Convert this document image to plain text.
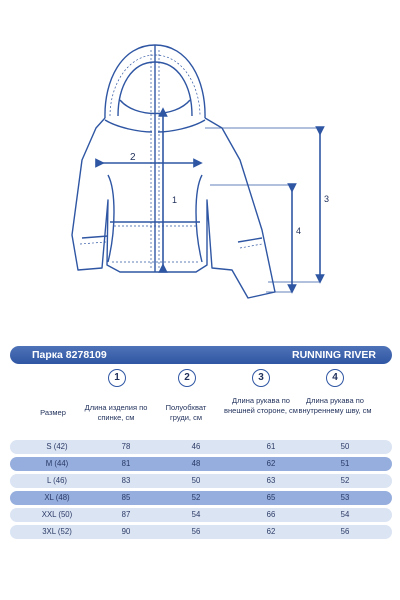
1
2
3
4
Парка 8278109	RUNNING RIVER
1	2	3	4
Размер
Длина изделия по спинке, см
Полуобхват груди, см
Длина рукава по внешней стороне, см
Длина рукава по внутреннему шву, см
S (42)	78	46	61	50
M (44)	81	48	62	51
L (46)	83	50	63	52
XL (48)	85	52	65	53
XXL (50)	87	54	66	54
3XL (52)	90	56	62	56
